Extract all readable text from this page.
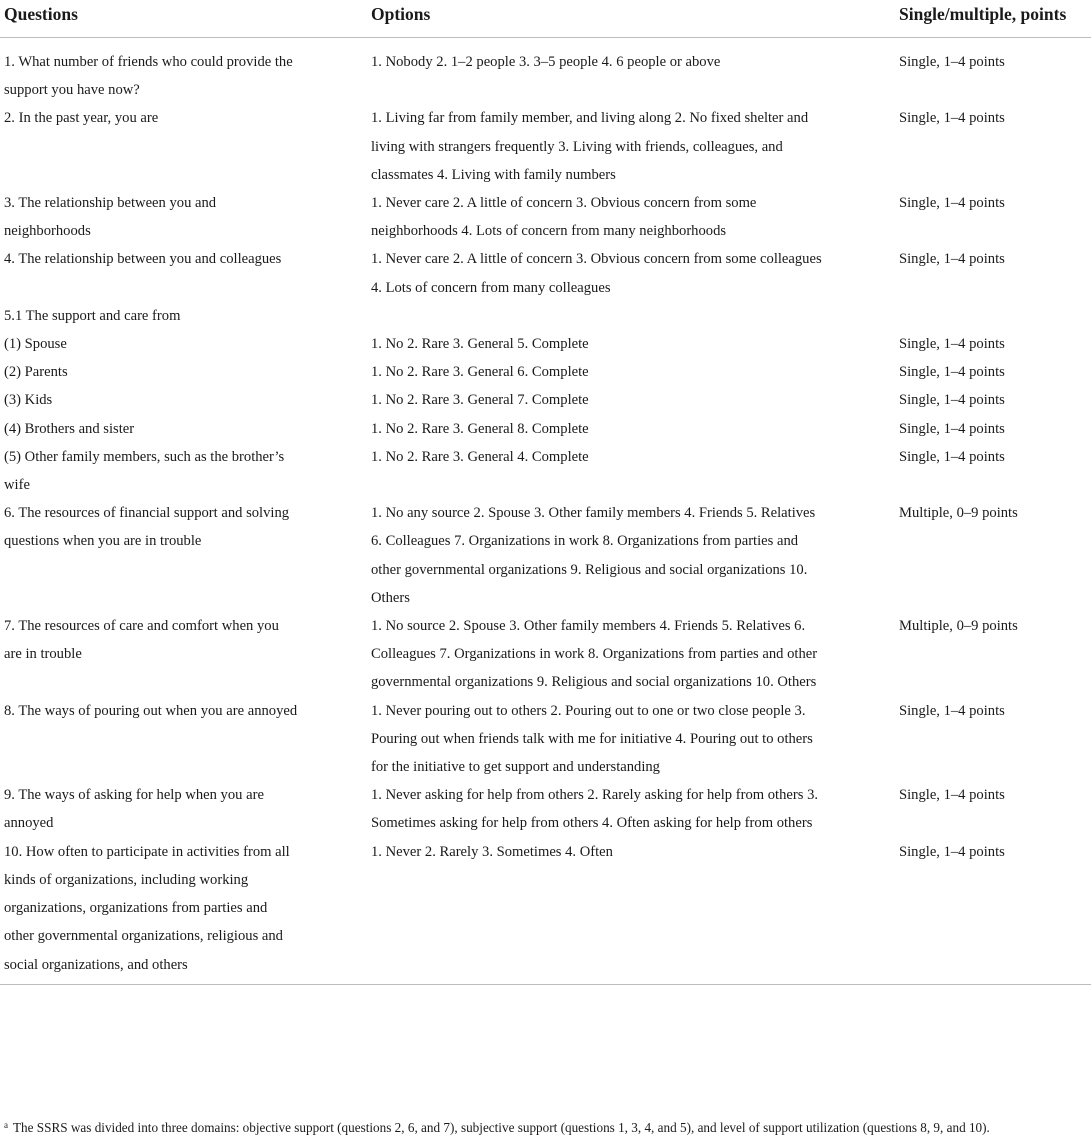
Questions	Options	Single/multiple, points
1. What number of friends who could provide the support you have now?	1. Nobody 2. 1–2 people 3. 3–5 people 4. 6 people or above	Single, 1–4 points
2. In the past year, you are	1. Living far from family member, and living along 2. No fixed shelter and living with strangers frequently 3. Living with friends, colleagues, and classmates 4. Living with family numbers	Single, 1–4 points
3. The relationship between you and neighborhoods	1. Never care 2. A little of concern 3. Obvious concern from some neighborhoods 4. Lots of concern from many neighborhoods	Single, 1–4 points
4. The relationship between you and colleagues	1. Never care 2. A little of concern 3. Obvious concern from some colleagues 4. Lots of concern from many colleagues	Single, 1–4 points
5.1 The support and care from		
(1) Spouse	1. No 2. Rare 3. General 5. Complete	Single, 1–4 points
(2) Parents	1. No 2. Rare 3. General 6. Complete	Single, 1–4 points
(3) Kids	1. No 2. Rare 3. General 7. Complete	Single, 1–4 points
(4) Brothers and sister	1. No 2. Rare 3. General 8. Complete	Single, 1–4 points
(5) Other family members, such as the brother’s wife	1. No 2. Rare 3. General 4. Complete	Single, 1–4 points
6. The resources of financial support and solving questions when you are in trouble	1. No any source 2. Spouse 3. Other family members 4. Friends 5. Relatives 6. Colleagues 7. Organizations in work 8. Organizations from parties and other governmental organizations 9. Religious and social organizations 10. Others	Multiple, 0–9 points
7. The resources of care and comfort when you are in trouble	1. No source 2. Spouse 3. Other family members 4. Friends 5. Relatives 6. Colleagues 7. Organizations in work 8. Organizations from parties and other governmental organizations 9. Religious and social organizations 10. Others	Multiple, 0–9 points
8. The ways of pouring out when you are annoyed	1. Never pouring out to others 2. Pouring out to one or two close people 3. Pouring out when friends talk with me for initiative 4. Pouring out to others for the initiative to get support and understanding	Single, 1–4 points
9. The ways of asking for help when you are annoyed	1. Never asking for help from others 2. Rarely asking for help from others 3. Sometimes asking for help from others 4. Often asking for help from others	Single, 1–4 points
10. How often to participate in activities from all kinds of organizations, including working organizations, organizations from parties and other governmental organizations, religious and social organizations, and others	1. Never 2. Rarely 3. Sometimes 4. Often	Single, 1–4 points
$^a$ The SSRS was divided into three domains: objective support (questions 2, 6, and 7), subjective support (questions 1, 3, 4, and 5), and level of support utilization (questions 8, 9, and 10).
